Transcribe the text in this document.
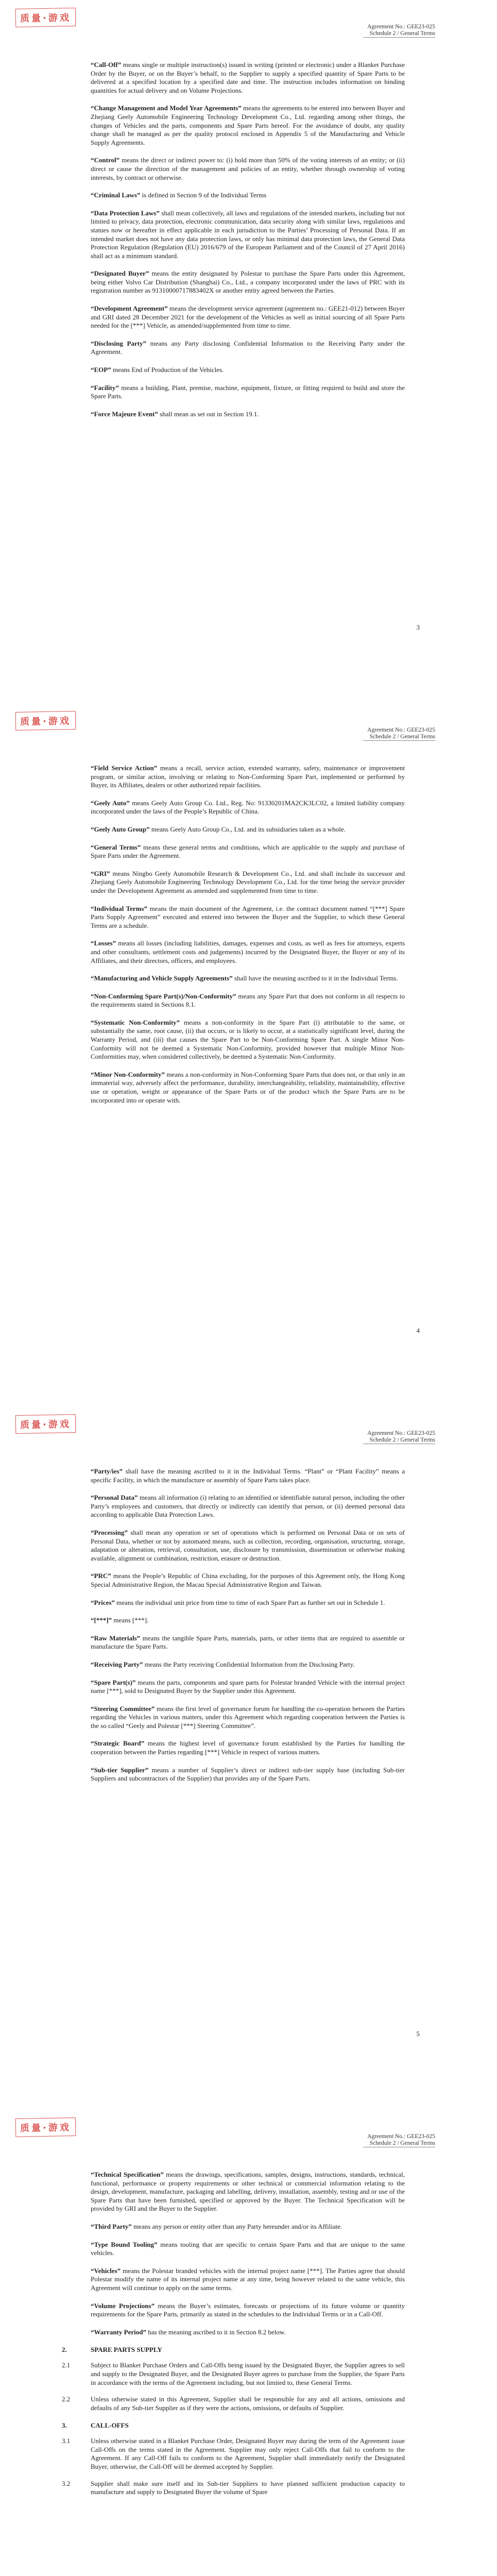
质量·游戏
Agreement No.: GEE23-025
Schedule 2 / General Terms

“Call-Off” means single or multiple instruction(s) issued in writing (printed or electronic) under a Blanket Purchase Order by the Buyer, or on the Buyer’s behalf, to the Supplier to supply a specified quantity of Spare Parts to be delivered at a specified location by a specified date and time. The instruction includes information on binding quantities for actual delivery and on Volume Projections.

“Change Management and Model Year Agreements” means the agreements to be entered into between Buyer and Zhejiang Geely Automobile Engineering Technology Development Co., Ltd. regarding among other things, the changes of Vehicles and the parts, components and Spare Parts hereof. For the avoidance of doubt, any quality change shall be managed as per the quality protocol enclosed in Appendix 5 of the Manufacturing and Vehicle Supply Agreements.

“Control” means the direct or indirect power to: (i) hold more than 50% of the voting interests of an entity; or (ii) direct or cause the direction of the management and policies of an entity, whether through ownership of voting interests, by contract or otherwise.

“Criminal Laws” is defined in Section 9 of the Individual Terms

“Data Protection Laws” shall mean collectively, all laws and regulations of the intended markets, including but not limited to privacy, data protection, electronic communication, data security along with similar laws, regulations and statues now or hereafter in effect applicable in each jurisdiction to the Parties’ Processing of Personal Data. If an intended market does not have any data protection laws, or only has minimal data protection laws, the General Data Protection Regulation (Regulation (EU) 2016/679 of the European Parliament and of the Council of 27 April 2016) shall act as a minimum standard.

“Designated Buyer” means the entity designated by Polestar to purchase the Spare Parts under this Agreement, being either Volvo Car Distribution (Shanghai) Co., Ltd., a company incorporated under the laws of PRC with its registration number as 91310000717883402X or another entity agreed between the Parties.

“Development Agreement” means the development service agreement (agreement no.: GEE21-012) between Buyer and GRI dated 28 December 2021 for the development of the Vehicles as well as initial sourcing of all Spare Parts needed for the [***] Vehicle, as amended/supplemented from time to time.

“Disclosing Party” means any Party disclosing Confidential Information to the Receiving Party under the Agreement.

“EOP” means End of Production of the Vehicles.

“Facility” means a building, Plant, premise, machine, equipment, fixture, or fitting required to build and store the Spare Parts.

“Force Majeure Event” shall mean as set out in Section 19.1.

3
质量·游戏
Agreement No.: GEE23-025
Schedule 2 / General Terms

“Field Service Action” means a recall, service action, extended warranty, safety, maintenance or improvement program, or similar action, involving or relating to Non-Conforming Spare Part, implemented or performed by Buyer, its Affiliates, dealers or other authorized repair facilities.

“Geely Auto” means Geely Auto Group Co. Ltd., Reg. No: 91330201MA2CK3LC02, a limited liability company incorporated under the laws of the People’s Republic of China.

“Geely Auto Group” means Geely Auto Group Co., Ltd. and its subsidiaries taken as a whole.

“General Terms” means these general terms and conditions, which are applicable to the supply and purchase of Spare Parts under the Agreement.

“GRI” means Ningbo Geely Automobile Research & Development Co., Ltd. and shall include its successor and Zhejiang Geely Automobile Engineering Technology Development Co., Ltd. for the time being the service provider under the Development Agreement as amended and supplemented from time to time.

“Individual Terms” means the main document of the Agreement, i.e. the contract document named “[***] Spare Parts Supply Agreement” executed and entered into between the Buyer and the Supplier, to which these General Terms are a schedule.

“Losses” means all losses (including liabilities, damages, expenses and costs, as well as fees for attorneys, experts and other consultants, settlement costs and judgements) incurred by the Designated Buyer, the Buyer or any of its Affiliates, and their directors, officers, and employees.

“Manufacturing and Vehicle Supply Agreements” shall have the meaning ascribed to it in the Individual Terms.

“Non-Conforming Spare Part(s)/Non-Conformity” means any Spare Part that does not conform in all respects to the requirements stated in Sections 8.1.

“Systematic Non-Conformity” means a non-conformity in the Spare Part (i) attributable to the same, or substantially the same, root cause, (ii) that occurs, or is likely to occur, at a statistically significant level, during the Warranty Period, and (iii) that causes the Spare Part to be Non-Conforming Spare Part. A single Minor Non-Conformity will not be deemed a Systematic Non-Conformity, provided however that multiple Minor Non-Conformities may, when considered collectively, be deemed a Systematic Non-Conformity.

“Minor Non-Conformity” means a non-conformity in Non-Conforming Spare Parts that does not, or that only in an immaterial way, adversely affect the performance, durability, interchangeability, reliability, maintainability, effective use or operation, weight or appearance of the Spare Parts or of the product which the Spare Parts are to be incorporated into or operate with.

4
质量·游戏
Agreement No.: GEE23-025
Schedule 2 / General Terms

“Party/ies” shall have the meaning ascribed to it in the Individual Terms. “Plant” or “Plant Facility” means a specific Facility, in which the manufacture or assembly of Spare Parts takes place.

“Personal Data” means all information (i) relating to an identified or identifiable natural person, including the other Party’s employees and customers, that directly or indirectly can identify that person, or (ii) deemed personal data according to applicable Data Protection Laws.

“Processing” shall mean any operation or set of operations which is performed on Personal Data or on sets of Personal Data, whether or not by automated means, such as collection, recording, organisation, structuring, storage, adaptation or alteration, retrieval, consultation, use, disclosure by transmission, dissemination or otherwise making available, alignment or combination, restriction, erasure or destruction.

“PRC” means the People’s Republic of China excluding, for the purposes of this Agreement only, the Hong Kong Special Administrative Region, the Macau Special Administrative Region and Taiwan.

“Prices” means the individual unit price from time to time of each Spare Part as further set out in Schedule 1.

“[***]” means [***].

“Raw Materials” means the tangible Spare Parts, materials, parts, or other items that are required to assemble or manufacture the Spare Parts.

“Receiving Party” means the Party receiving Confidential Information from the Disclosing Party.

“Spare Part(s)” means the parts, components and spare parts for Polestar branded Vehicle with the internal project name [***], sold to Designated Buyer by the Supplier under this Agreement.

“Steering Committee” means the first level of governance forum for handling the co-operation between the Parties regarding the Vehicles in various matters, under this Agreement which regarding cooperation between the Parties is the so called “Geely and Polestar [***] Steering Committee”.

“Strategic Board” means the highest level of governance forum established by the Parties for handling the cooperation between the Parties regarding [***] Vehicle in respect of various matters.

“Sub-tier Supplier” means a number of Supplier’s direct or indirect sub-tier supply base (including Sub-tier Suppliers and subcontractors of the Supplier) that provides any of the Spare Parts.

5
质量·游戏
Agreement No.: GEE23-025
Schedule 2 / General Terms

“Technical Specification” means the drawings, specifications, samples, designs, instructions, standards, technical, functional, performance or property requirements or other technical or commercial information relating to the design, development, manufacture, packaging and labelling, delivery, installation, assembly, testing and or use of the Spare Parts that have been furnished, specified or approved by the Buyer. The Technical Specification will be provided by GRI and the Buyer to the Supplier.

“Third Party” means any person or entity other than any Party hereunder and/or its Affiliate.

“Type Bound Tooling” means tooling that are specific to certain Spare Parts and that are unique to the same vehicles.

“Vehicles” means the Polestar branded vehicles with the internal project name [***]. The Parties agree that should Polestar modify the name of its internal project name at any time, being however related to the same vehicle, this Agreement will continue to apply on the same terms.

“Volume Projections” means the Buyer’s estimates, forecasts or projections of its future volume or quantity requirements for the Spare Parts, primarily as stated in the schedules to the Individual Terms or in a Call-Off.

“Warranty Period” has the meaning ascribed to it in Section 8.2 below.

2.	SPARE PARTS SUPPLY
2.1	Subject to Blanket Purchase Orders and Call-Offs being issued by the Designated Buyer, the Supplier agrees to sell and supply to the Designated Buyer, and the Designated Buyer agrees to purchase from the Supplier, the Spare Parts in accordance with the terms of the Agreement including, but not limited to, these General Terms.
2.2	Unless otherwise stated in this Agreement, Supplier shall be responsible for any and all actions, omissions and defaults of any Sub-tier Supplier as if they were the actions, omissions, or defaults of Supplier.
3.	CALL-OFFS
3.1	Unless otherwise stated in a Blanket Purchase Order, Designated Buyer may during the term of the Agreement issue Call-Offs on the terms stated in the Agreement. Supplier may only reject Call-Offs that fail to conform to the Agreement. If any Call-Off fails to conform to the Agreement, Supplier shall immediately notify the Designated Buyer, otherwise, the Call-Off will be deemed accepted by Supplier.
3.2	Supplier shall make sure itself and its Sub-tier Suppliers to have planned sufficient production capacity to manufacture and supply to Designated Buyer the volume of Spare
